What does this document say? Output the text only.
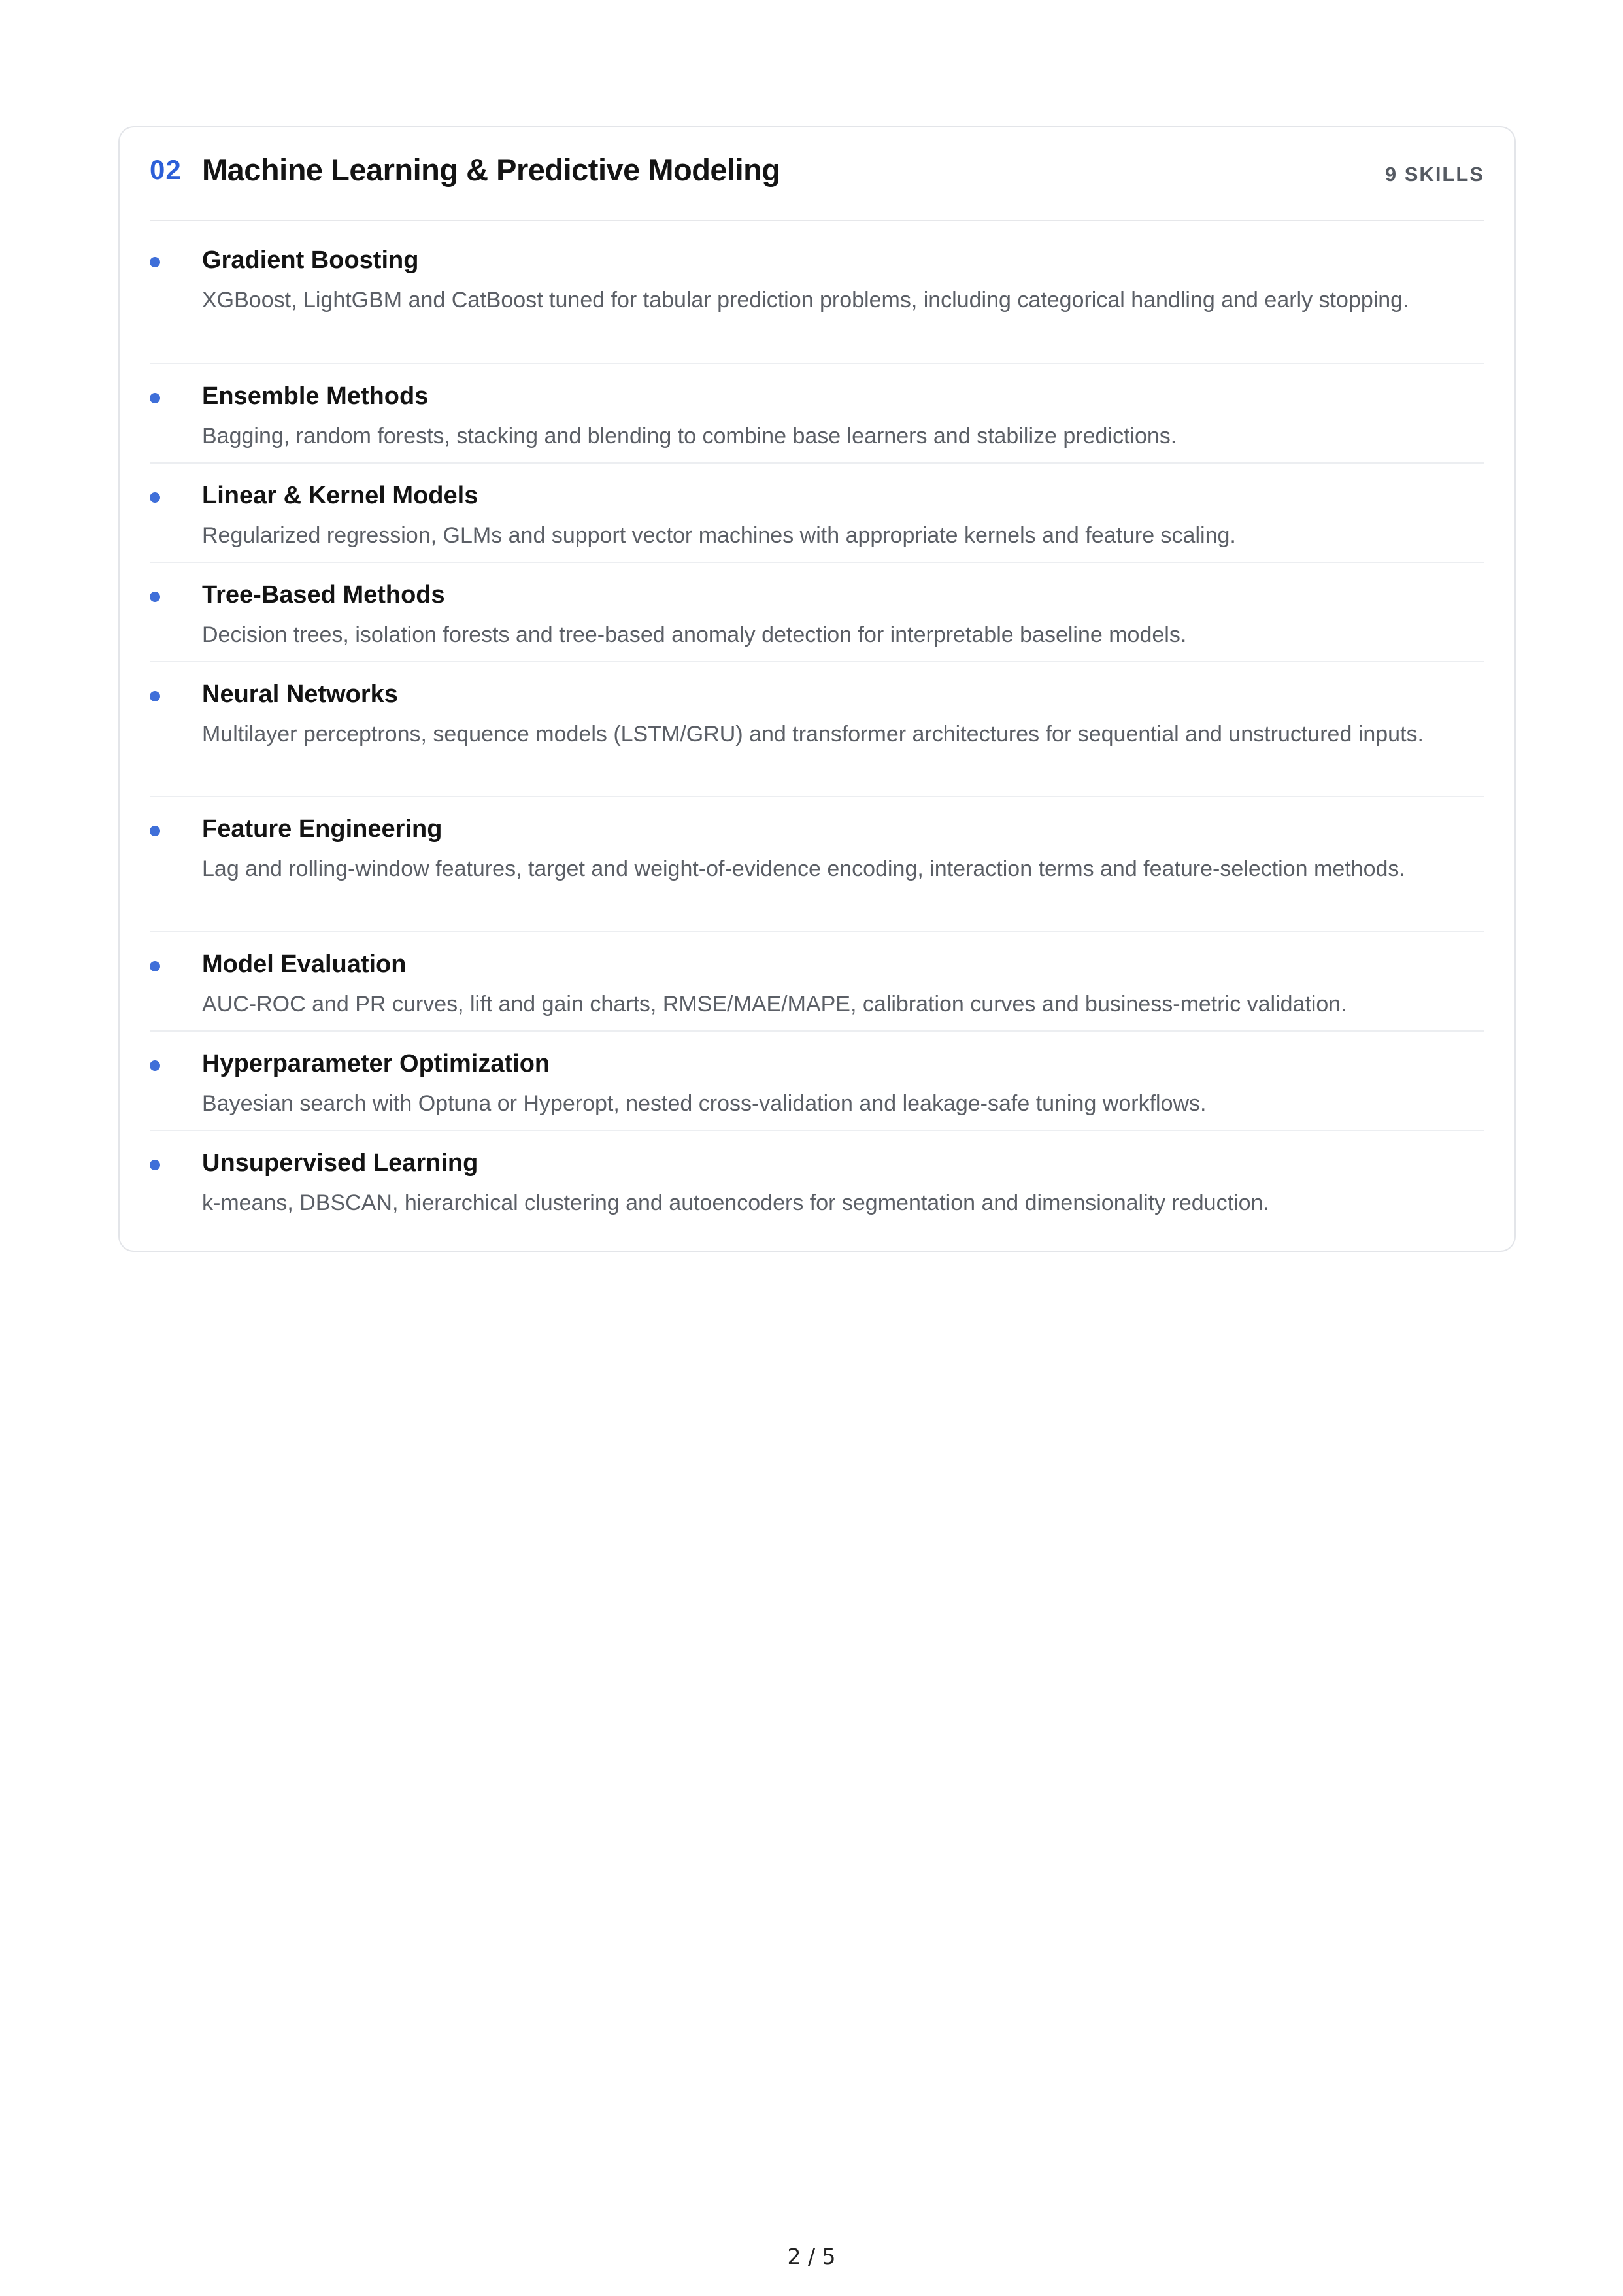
02 Machine Learning & Predictive Modeling	9 SKILLS
Gradient Boosting
XGBoost, LightGBM and CatBoost tuned for tabular prediction problems, including categorical handling and early stopping.
Ensemble Methods
Bagging, random forests, stacking and blending to combine base learners and stabilize predictions.
Linear & Kernel Models
Regularized regression, GLMs and support vector machines with appropriate kernels and feature scaling.
Tree-Based Methods
Decision trees, isolation forests and tree-based anomaly detection for interpretable baseline models.
Neural Networks
Multilayer perceptrons, sequence models (LSTM/GRU) and transformer architectures for sequential and unstructured inputs.
Feature Engineering
Lag and rolling-window features, target and weight-of-evidence encoding, interaction terms and feature-selection methods.
Model Evaluation
AUC-ROC and PR curves, lift and gain charts, RMSE/MAE/MAPE, calibration curves and business-metric validation.
Hyperparameter Optimization
Bayesian search with Optuna or Hyperopt, nested cross-validation and leakage-safe tuning workflows.
Unsupervised Learning
k-means, DBSCAN, hierarchical clustering and autoencoders for segmentation and dimensionality reduction.
2 / 5
